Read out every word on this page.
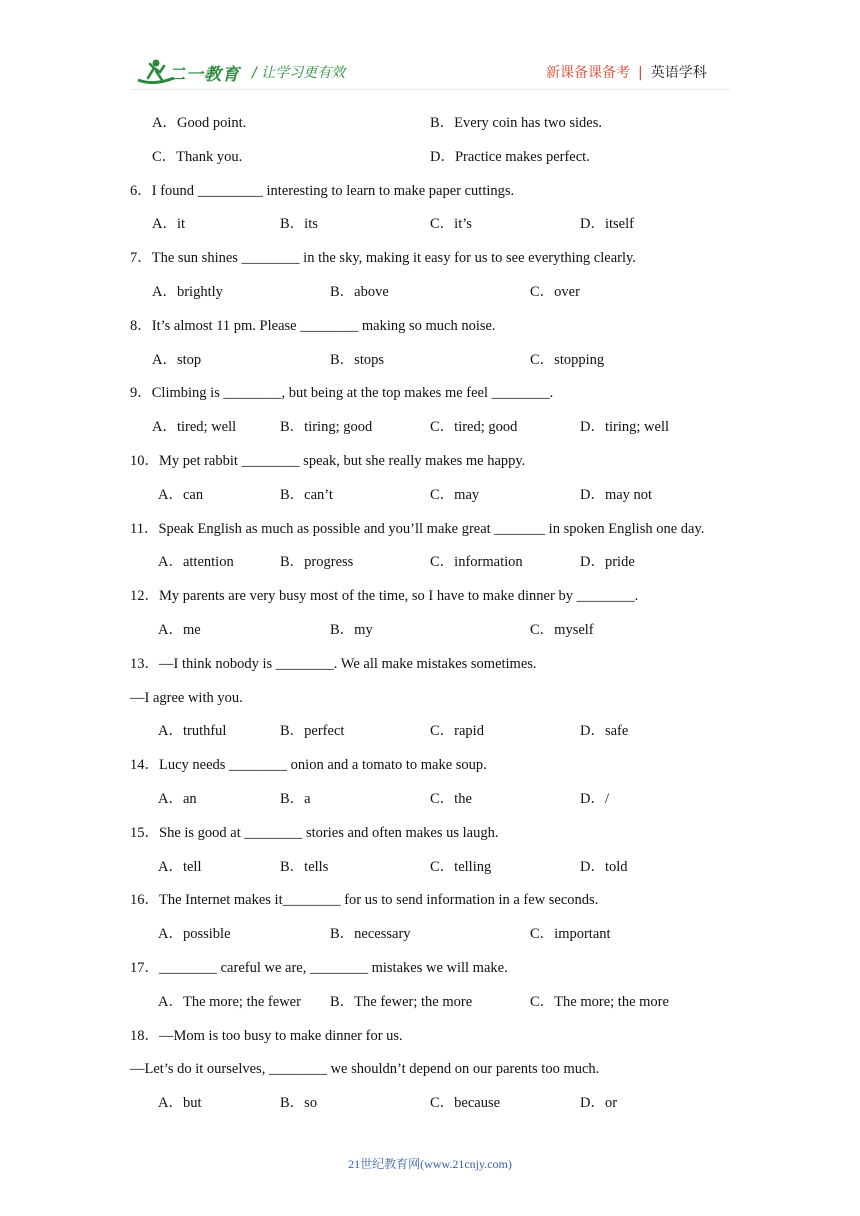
二一教育 / 让学习更有效	新课备课备考 | 英语学科
A．Good point.	B．Every coin has two sides.
C．Thank you.	D．Practice makes perfect.
6．I found _________ interesting to learn to make paper cuttings.
A．it	B．its	C．it’s	D．itself
7．The sun shines ________ in the sky, making it easy for us to see everything clearly.
A．brightly	B．above	C．over
8．It’s almost 11 pm. Please ________ making so much noise.
A．stop	B．stops	C．stopping
9．Climbing is ________, but being at the top makes me feel ________.
A．tired; well	B．tiring; good	C．tired; good	D．tiring; well
10．My pet rabbit ________ speak, but she really makes me happy.
A．can	B．can’t	C．may	D．may not
11．Speak English as much as possible and you’ll make great _______ in spoken English one day.
A．attention	B．progress	C．information	D．pride
12．My parents are very busy most of the time, so I have to make dinner by ________.
A．me	B．my	C．myself
13．—I think nobody is ________. We all make mistakes sometimes.
—I agree with you.
A．truthful	B．perfect	C．rapid	D．safe
14．Lucy needs ________ onion and a tomato to make soup.
A．an	B．a	C．the	D．/
15．She is good at ________ stories and often makes us laugh.
A．tell	B．tells	C．telling	D．told
16．The Internet makes it________ for us to send information in a few seconds.
A．possible	B．necessary	C．important
17．________ careful we are, ________ mistakes we will make.
A．The more; the fewer B．The fewer; the more	C．The more; the more
18．—Mom is too busy to make dinner for us.
—Let’s do it ourselves, ________ we shouldn’t depend on our parents too much.
A．but	B．so	C．because	D．or
21世纪教育网(www.21cnjy.com)
